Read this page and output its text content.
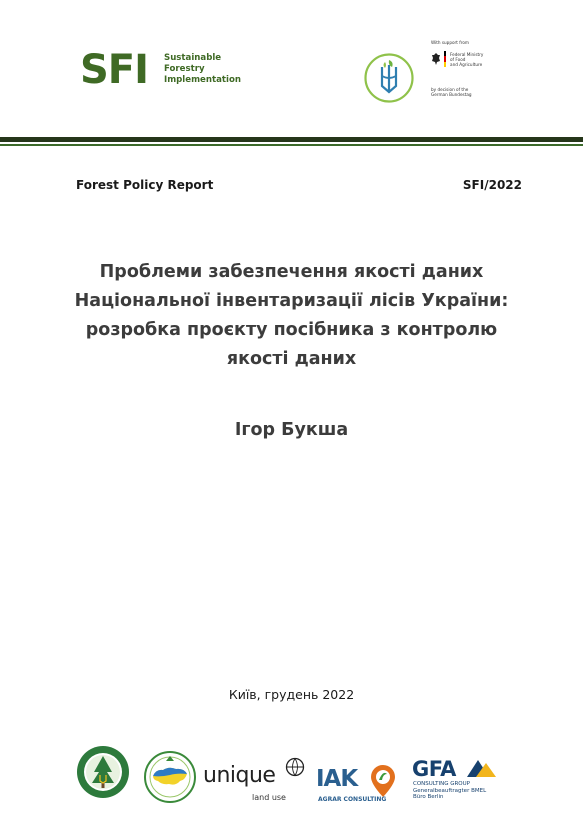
SFI Sustainable
Forestry
Implementation
With support from
Federal Ministry
of Food
and Agriculture
by decision of the
German Bundestag
Forest Policy Report	SFI/2022
Проблеми забезпечення якості даних
Національної інвентаризації лісів України:
розробка проєкту посібника з контролю
якості даних
Ігор Букша
Київ, грудень 2022
unique
land use
IAK
AGRAR CONSULTING
GFA
CONSULTING GROUP
Generalbeauftragter BMEL
Büro Berlin
